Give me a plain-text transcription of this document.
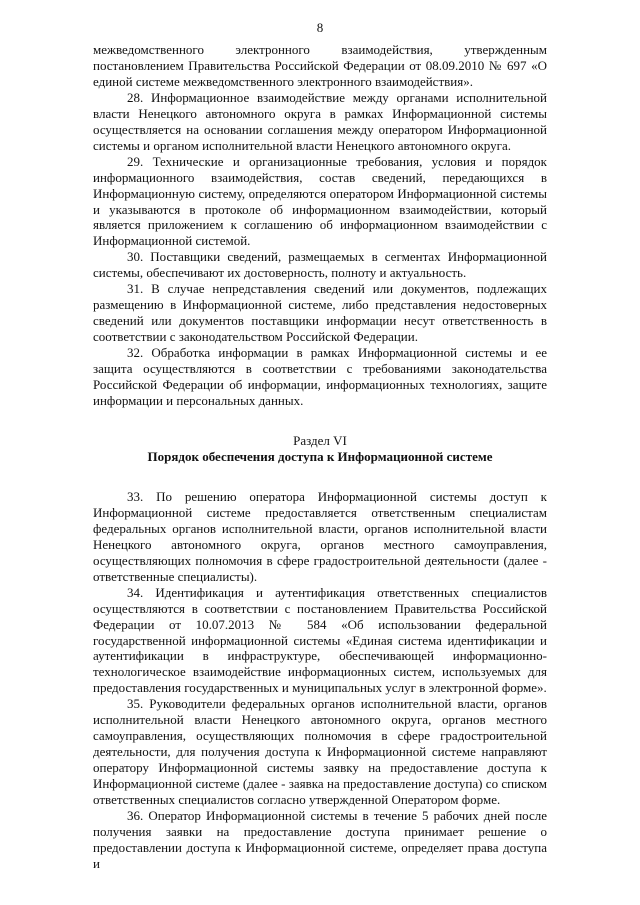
8

межведомственного электронного взаимодействия, утвержденным постановлением Правительства Российской Федерации от 08.09.2010 № 697 «О единой системе межведомственного электронного взаимодействия».

28. Информационное взаимодействие между органами исполнительной власти Ненецкого автономного округа в рамках Информационной системы осуществляется на основании соглашения между оператором Информационной системы и органом исполнительной власти Ненецкого автономного округа.

29. Технические и организационные требования, условия и порядок информационного взаимодействия, состав сведений, передающихся в Информационную систему, определяются оператором Информационной системы и указываются в протоколе об информационном взаимодействии, который является приложением к соглашению об информационном взаимодействии с Информационной системой.

30. Поставщики сведений, размещаемых в сегментах Информационной системы, обеспечивают их достоверность, полноту и актуальность.

31. В случае непредставления сведений или документов, подлежащих размещению в Информационной системе, либо представления недостоверных сведений или документов поставщики информации несут ответственность в соответствии с законодательством Российской Федерации.

32. Обработка информации в рамках Информационной системы и ее защита осуществляются в соответствии с требованиями законодательства Российской Федерации об информации, информационных технологиях, защите информации и персональных данных.

Раздел VI
Порядок обеспечения доступа к Информационной системе

33. По решению оператора Информационной системы доступ к Информационной системе предоставляется ответственным специалистам федеральных органов исполнительной власти, органов исполнительной власти Ненецкого автономного округа, органов местного самоуправления, осуществляющих полномочия в сфере градостроительной деятельности (далее - ответственные специалисты).

34. Идентификация и аутентификация ответственных специалистов осуществляются в соответствии с постановлением Правительства Российской Федерации от 10.07.2013 № 584 «Об использовании федеральной государственной информационной системы «Единая система идентификации и аутентификации в инфраструктуре, обеспечивающей информационно-технологическое взаимодействие информационных систем, используемых для предоставления государственных и муниципальных услуг в электронной форме».

35. Руководители федеральных органов исполнительной власти, органов исполнительной власти Ненецкого автономного округа, органов местного самоуправления, осуществляющих полномочия в сфере градостроительной деятельности, для получения доступа к Информационной системе направляют оператору Информационной системы заявку на предоставление доступа к Информационной системе (далее - заявка на предоставление доступа) со списком ответственных специалистов согласно утвержденной Оператором форме.

36. Оператор Информационной системы в течение 5 рабочих дней после получения заявки на предоставление доступа принимает решение о предоставлении доступа к Информационной системе, определяет права доступа и
